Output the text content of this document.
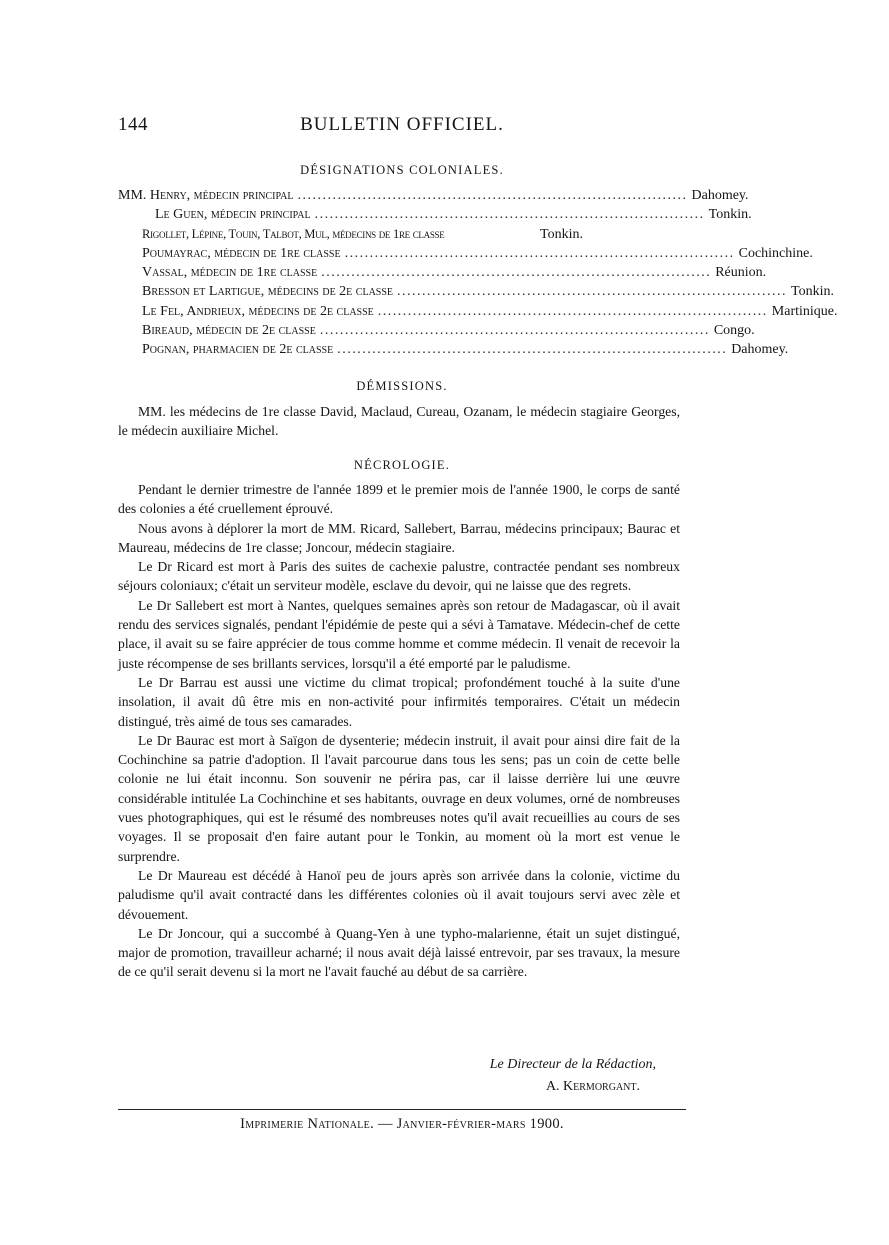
144	BULLETIN OFFICIEL.
DÉSIGNATIONS COLONIALES.
MM. Henry, médecin principal .............................................................................. Dahomey.
Le Guen, médecin principal .............................................................................. Tonkin.
Rigollet, Lépine, Touin, Talbot, Mul, médecins de 1re classe	Tonkin.
Poumayrac, médecin de 1re classe .............................................................................. Cochinchine.
Vassal, médecin de 1re classe .............................................................................. Réunion.
Bresson et Lartigue, médecins de 2e classe .............................................................................. Tonkin.
Le Fel, Andrieux, médecins de 2e classe .............................................................................. Martinique.
Bireaud, médecin de 2e classe .............................................................................. Congo.
Pognan, pharmacien de 2e classe .............................................................................. Dahomey.
DÉMISSIONS.

MM. les médecins de 1re classe David, Maclaud, Cureau, Ozanam, le médecin stagiaire Georges, le médecin auxiliaire Michel.

NÉCROLOGIE.

Pendant le dernier trimestre de l'année 1899 et le premier mois de l'année 1900, le corps de santé des colonies a été cruellement éprouvé.

Nous avons à déplorer la mort de MM. Ricard, Sallebert, Barrau, médecins principaux; Baurac et Maureau, médecins de 1re classe; Joncour, médecin stagiaire.

Le Dr Ricard est mort à Paris des suites de cachexie palustre, contractée pendant ses nombreux séjours coloniaux; c'était un serviteur modèle, esclave du devoir, qui ne laisse que des regrets.

Le Dr Sallebert est mort à Nantes, quelques semaines après son retour de Madagascar, où il avait rendu des services signalés, pendant l'épidémie de peste qui a sévi à Tamatave. Médecin-chef de cette place, il avait su se faire apprécier de tous comme homme et comme médecin. Il venait de recevoir la juste récompense de ses brillants services, lorsqu'il a été emporté par le paludisme.

Le Dr Barrau est aussi une victime du climat tropical; profondément touché à la suite d'une insolation, il avait dû être mis en non-activité pour infirmités temporaires. C'était un médecin distingué, très aimé de tous ses camarades.

Le Dr Baurac est mort à Saïgon de dysenterie; médecin instruit, il avait pour ainsi dire fait de la Cochinchine sa patrie d'adoption. Il l'avait parcourue dans tous les sens; pas un coin de cette belle colonie ne lui était inconnu. Son souvenir ne périra pas, car il laisse derrière lui une œuvre considérable intitulée La Cochinchine et ses habitants, ouvrage en deux volumes, orné de nombreuses vues photographiques, qui est le résumé des nombreuses notes qu'il avait recueillies au cours de ses voyages. Il se proposait d'en faire autant pour le Tonkin, au moment où la mort est venue le surprendre.

Le Dr Maureau est décédé à Hanoï peu de jours après son arrivée dans la colonie, victime du paludisme qu'il avait contracté dans les différentes colonies où il avait toujours servi avec zèle et dévouement.

Le Dr Joncour, qui a succombé à Quang-Yen à une typho-malarienne, était un sujet distingué, major de promotion, travailleur acharné; il nous avait déjà laissé entrevoir, par ses travaux, la mesure de ce qu'il serait devenu si la mort ne l'avait fauché au début de sa carrière.

Le Directeur de la Rédaction,
A. Kermorgant.
Imprimerie Nationale. — Janvier-février-mars 1900.
